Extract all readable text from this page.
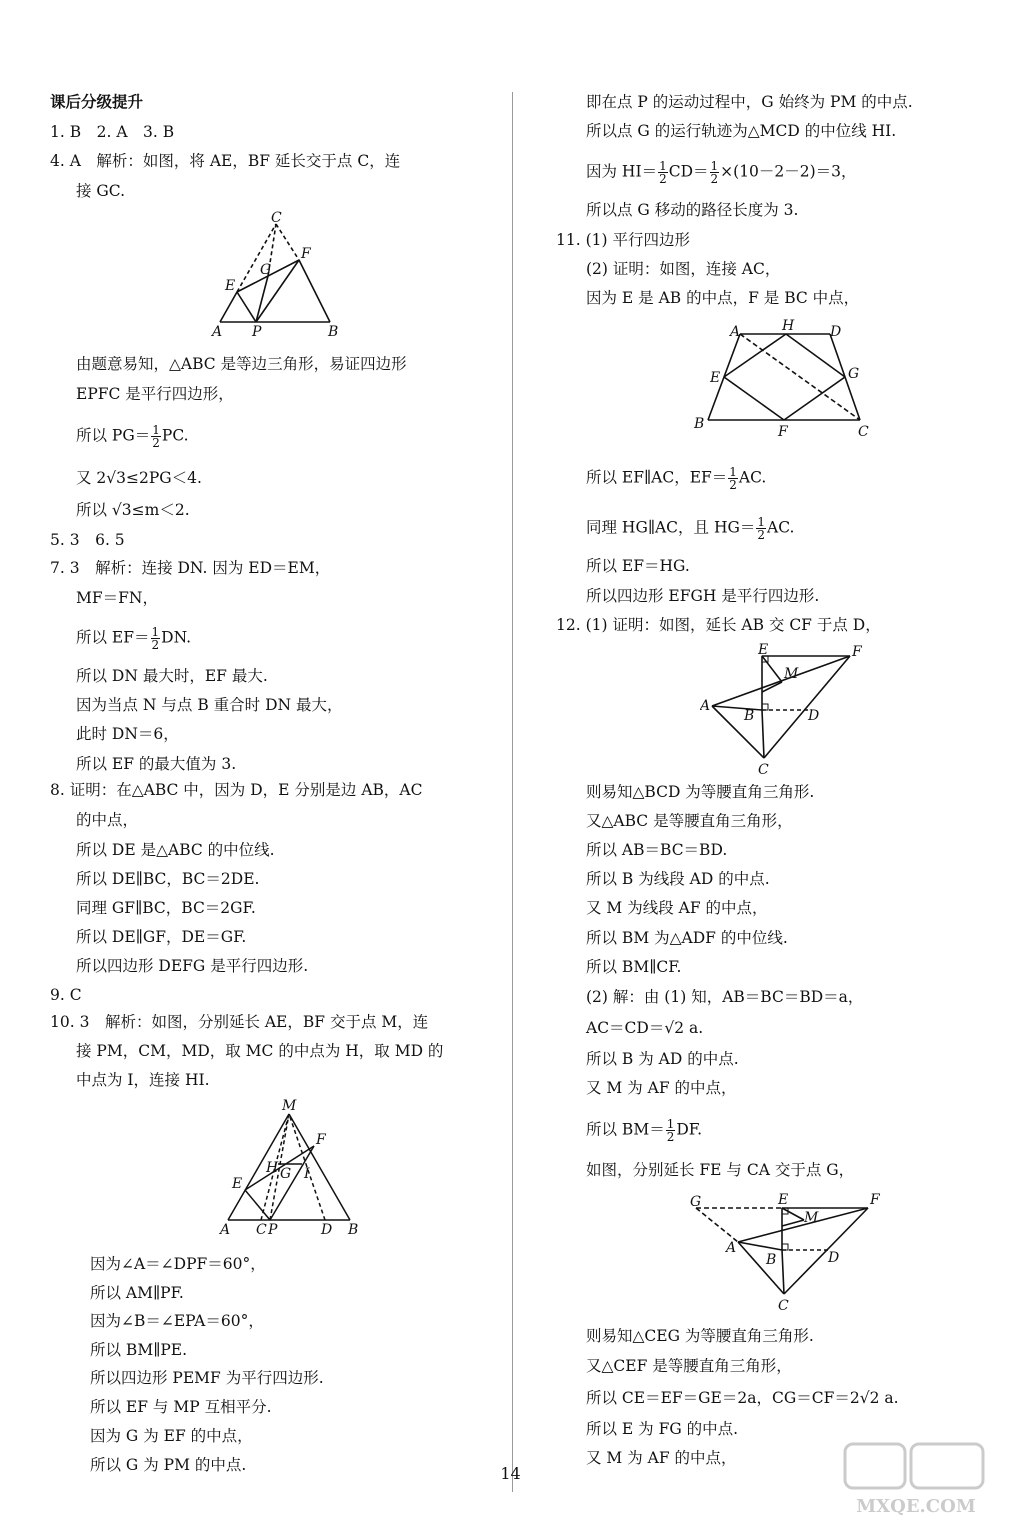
课后分级提升
1. B　2. A　3. B
4. A　解析：如图，将 AE，BF 延长交于点 C，连
接 GC.
C
G
F
E
A P	B
由题意易知，△ABC 是等边三角形，易证四边形
EPFC 是平行四边形，
所以 $PG= \frac{1}{2}$ PC.
又 2√3≤2PG＜4.
所以 √3≤m＜2.
5. 3　6. 5
7. 3　解析：连接 DN. 因为 ED＝EM，
MF＝FN，
所以 $EF= \frac{1}{2}$ DN.
所以 DN 最大时，EF 最大.
因为当点 N 与点 B 重合时 DN 最大，
此时 DN＝6，
所以 EF 的最大值为 3.
8. 证明：在△ABC 中，因为 D，E 分别是边 AB，AC
的中点，
所以 DE 是△ABC 的中位线.
所以 DE∥BC，BC＝2DE.
同理 GF∥BC，BC＝2GF.
所以 DE∥GF，DE＝GF.
所以四边形 DEFG 是平行四边形.
9. C
10. 3　解析：如图，分别延长 AE，BF 交于点 M，连
接 PM，CM，MD，取 MC 的中点为 H，取 MD 的
中点为 I，连接 HI.
M
F
H G I
E
A C P	D B
因为∠A＝∠DPF＝60°，
所以 AM∥PF.
因为∠B＝∠EPA＝60°，
所以 BM∥PE.
所以四边形 PEMF 为平行四边形.
所以 EF 与 MP 互相平分.
因为 G 为 EF 的中点，
所以 G 为 PM 的中点.
即在点 P 的运动过程中，G 始终为 PM 的中点.
所以点 G 的运行轨迹为△MCD 的中位线 HI.
因为 $HI= \frac{1}{2} CD= \frac{1}{2} \times(10-2-2)=3$，
所以点 G 移动的路径长度为 3.
11. (1) 平行四边形
(2) 证明：如图，连接 AC，
因为 E 是 AB 的中点，F 是 BC 中点，
A	H	D
E	G
B	F	C
所以 EF∥AC，$EF= \frac{1}{2}$ AC.
同理 HG∥AC，且 $HG= \frac{1}{2}$ AC.
所以 EF＝HG.
所以四边形 EFGH 是平行四边形.
12. (1) 证明：如图，延长 AB 交 CF 于点 D，
E	F
M
A
B	D
C
则易知△BCD 为等腰直角三角形.
又△ABC 是等腰直角三角形，
所以 AB＝BC＝BD.
所以 B 为线段 AD 的中点.
又 M 为线段 AF 的中点，
所以 BM 为△ADF 的中位线.
所以 BM∥CF.
(2) 解：由 (1) 知，AB＝BC＝BD＝a，
AC＝CD＝√2 a.
所以 B 为 AD 的中点.
又 M 为 AF 的中点，
所以 $BM= \frac{1}{2}$ DF.
如图，分别延长 FE 与 CA 交于点 G，
G	E	F
M
A
B	D
C
则易知△CEG 为等腰直角三角形.
又△CEF 是等腰直角三角形，
所以 CE＝EF＝GE＝2a，CG＝CF＝2√2 a.
所以 E 为 FG 的中点.
又 M 为 AF 的中点，
14
MXQE.COM
